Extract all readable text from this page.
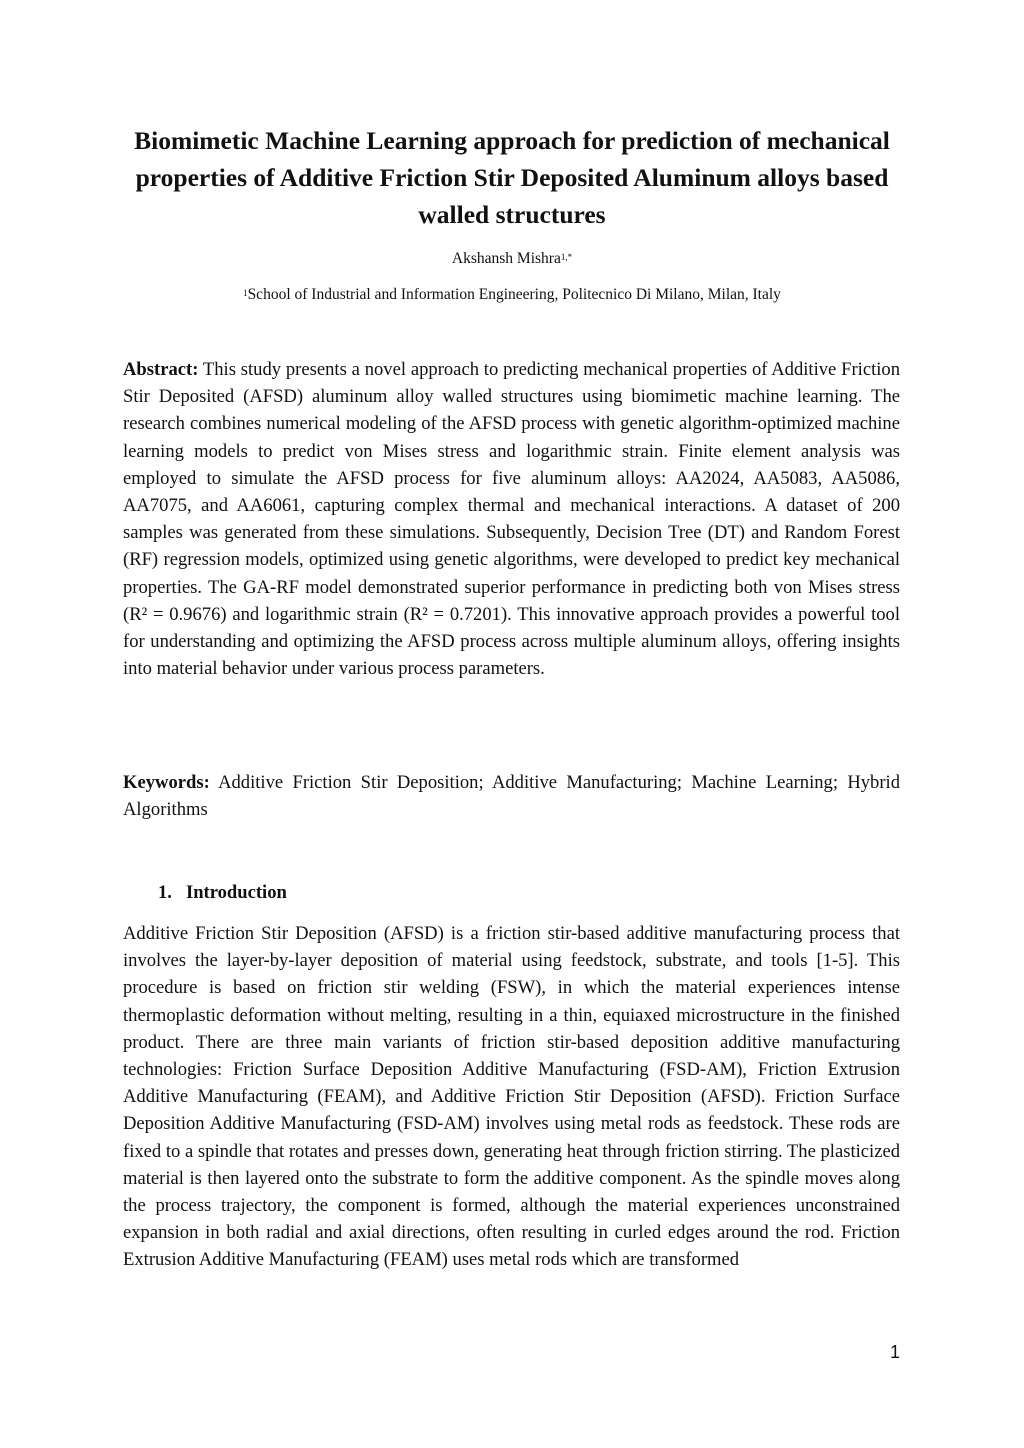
Biomimetic Machine Learning approach for prediction of mechanical properties of Additive Friction Stir Deposited Aluminum alloys based walled structures
Akshansh Mishra$^{1,*}$
$^1$School of Industrial and Information Engineering, Politecnico Di Milano, Milan, Italy

Abstract: This study presents a novel approach to predicting mechanical properties of Additive Friction Stir Deposited (AFSD) aluminum alloy walled structures using biomimetic machine learning. The research combines numerical modeling of the AFSD process with genetic algorithm-optimized machine learning models to predict von Mises stress and logarithmic strain. Finite element analysis was employed to simulate the AFSD process for five aluminum alloys: AA2024, AA5083, AA5086, AA7075, and AA6061, capturing complex thermal and mechanical interactions. A dataset of 200 samples was generated from these simulations. Subsequently, Decision Tree (DT) and Random Forest (RF) regression models, optimized using genetic algorithms, were developed to predict key mechanical properties. The GA-RF model demonstrated superior performance in predicting both von Mises stress (R² = 0.9676) and logarithmic strain (R² = 0.7201). This innovative approach provides a powerful tool for understanding and optimizing the AFSD process across multiple aluminum alloys, offering insights into material behavior under various process parameters.

Keywords: Additive Friction Stir Deposition; Additive Manufacturing; Machine Learning; Hybrid Algorithms

1. Introduction

Additive Friction Stir Deposition (AFSD) is a friction stir-based additive manufacturing process that involves the layer-by-layer deposition of material using feedstock, substrate, and tools [1-5]. This procedure is based on friction stir welding (FSW), in which the material experiences intense thermoplastic deformation without melting, resulting in a thin, equiaxed microstructure in the finished product. There are three main variants of friction stir-based deposition additive manufacturing technologies: Friction Surface Deposition Additive Manufacturing (FSD-AM), Friction Extrusion Additive Manufacturing (FEAM), and Additive Friction Stir Deposition (AFSD). Friction Surface Deposition Additive Manufacturing (FSD-AM) involves using metal rods as feedstock. These rods are fixed to a spindle that rotates and presses down, generating heat through friction stirring. The plasticized material is then layered onto the substrate to form the additive component. As the spindle moves along the process trajectory, the component is formed, although the material experiences unconstrained expansion in both radial and axial directions, often resulting in curled edges around the rod. Friction Extrusion Additive Manufacturing (FEAM) uses metal rods which are transformed

1
